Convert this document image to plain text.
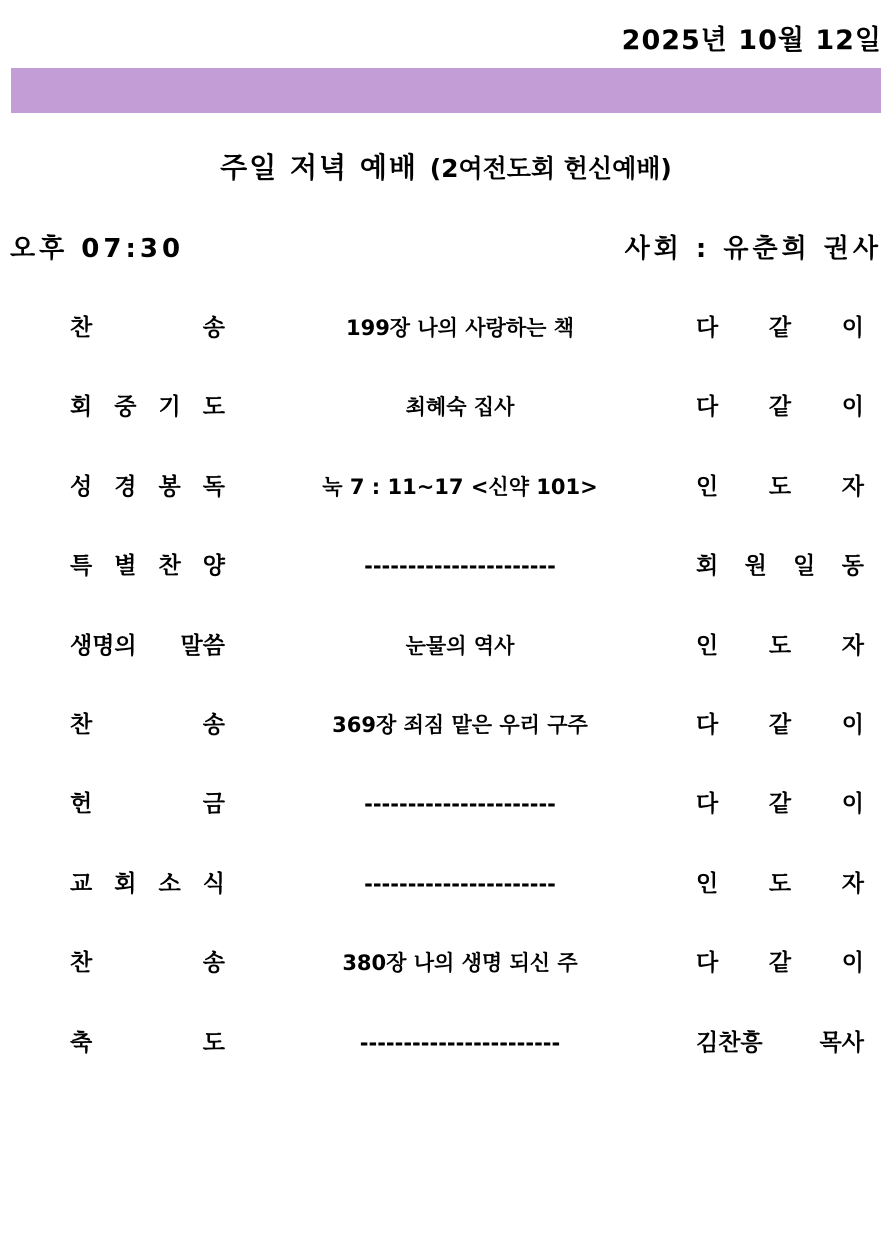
2025년 10월 12일
주일 저녁 예배 (2여전도회 헌신예배)
오후 07:30	사회 : 유춘희 권사
찬 송	199장 나의 사랑하는 책	다 같 이
회 중 기 도	최혜숙 집사	다 같 이
성 경 봉 독	눅 7 : 11~17 <신약 101>	인 도 자
특 별 찬 양	----------------------	회 원 일 동
생명의 말씀	눈물의 역사	인 도 자
찬 송	369장 죄짐 맡은 우리 구주	다 같 이
헌 금	----------------------	다 같 이
교 회 소 식	----------------------	인 도 자
찬 송	380장 나의 생명 되신 주	다 같 이
축 도	-----------------------	김찬흥 목사
